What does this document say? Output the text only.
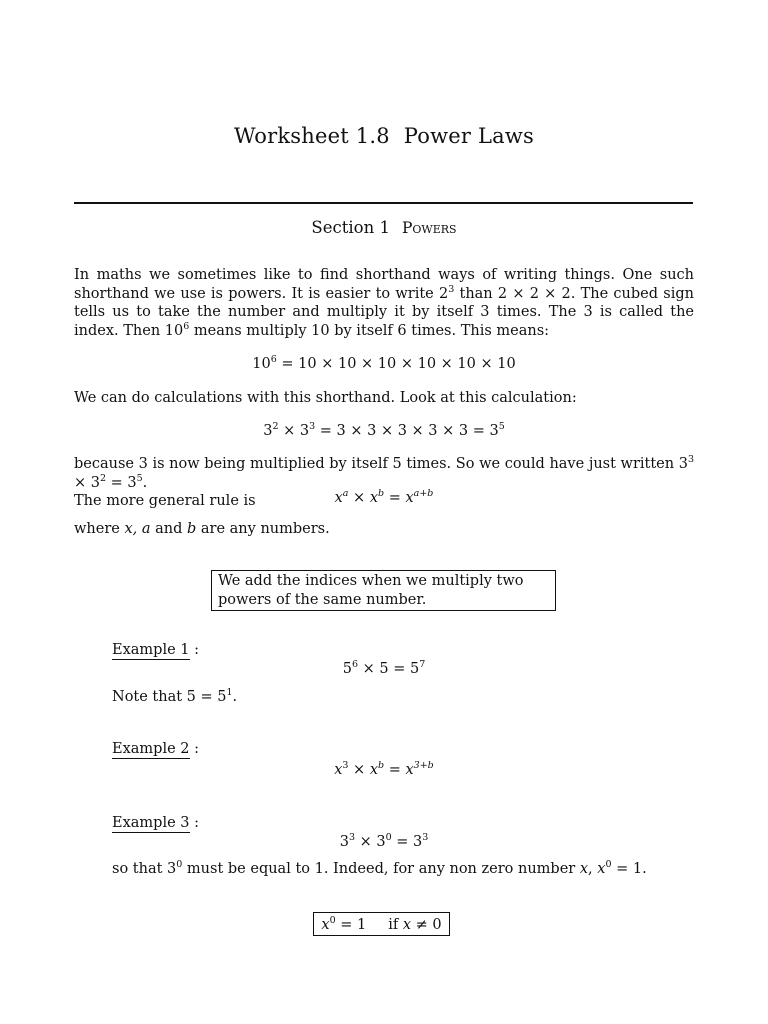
Worksheet 1.8 Power Laws
Section 1 Powers
In maths we sometimes like to find shorthand ways of writing things. One such shorthand we use is powers. It is easier to write $2^3$ than 2 × 2 × 2. The cubed sign tells us to take the number and multiply it by itself 3 times. The 3 is called the index. Then $10^6$ means multiply 10 by itself 6 times. This means:
$10^6 = 10 \times 10 \times 10 \times 10 \times 10 \times 10$
We can do calculations with this shorthand. Look at this calculation:
$3^2 \times 3^3 = 3 \times 3 \times 3 \times 3 \times 3 = 3^5$
because 3 is now being multiplied by itself 5 times. So we could have just written $3^3 \times 3^2 = 3^5$.
The more general rule is	$x^a \times x^b = x^{a+b}$
where x, a and b are any numbers.
We add the indices when we multiply two powers of the same number.
Example 1 :
$5^6 \times 5 = 5^7$
Note that $5 = 5^1$.
Example 2 :
$x^3 \times x^b = x^{3+b}$
Example 3 :
$3^3 \times 3^0 = 3^3$
so that $3^0$ must be equal to 1. Indeed, for any non zero number x, $x^0 = 1$.
$x^0 = 1$ if x ≠ 0
